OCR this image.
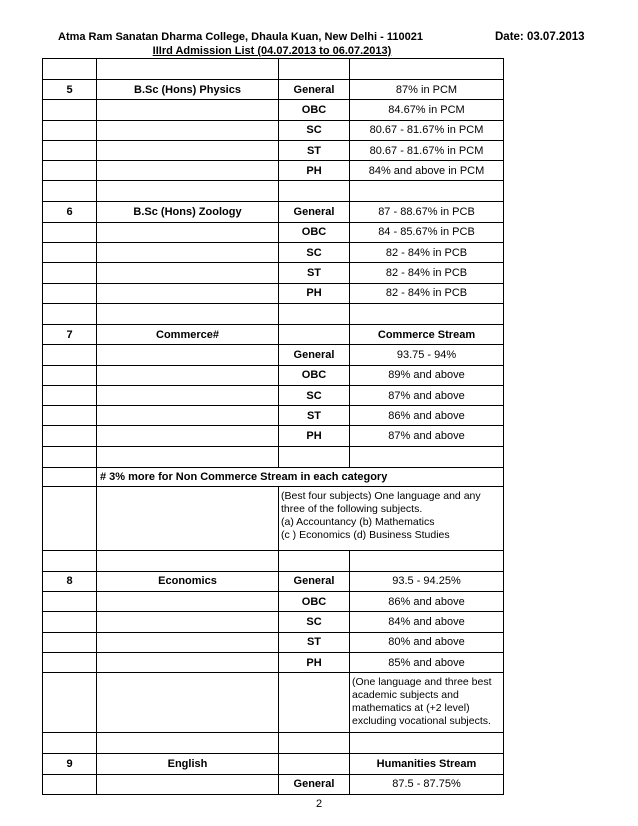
Atma Ram Sanatan Dharma College, Dhaula Kuan, New Delhi - 110021	Date: 03.07.2013
IIIrd Admission List (04.07.2013 to 06.07.2013)

5	B.Sc (Hons) Physics	General	87% in PCM
		OBC	84.67% in PCM
		SC	80.67 - 81.67% in PCM
		ST	80.67 - 81.67% in PCM
		PH	84% and above in PCM

6	B.Sc (Hons) Zoology	General	87 - 88.67% in PCB
		OBC	84 - 85.67% in PCB
		SC	82 - 84% in PCB
		ST	82 - 84% in PCB
		PH	82 - 84% in PCB

7	Commerce#		Commerce Stream
		General	93.75 - 94%
		OBC	89% and above
		SC	87% and above
		ST	86% and above
		PH	87% and above

	# 3% more for Non Commerce Stream in each category		

		(Best four subjects) One language and any
three of the following subjects.
(a) Accountancy (b) Mathematics
(c ) Economics (d) Business Studies	

8	Economics	General	93.5 - 94.25%
		OBC	86% and above
		SC	84% and above
		ST	80% and above
		PH	85% and above

			(One language and three best
academic subjects and
mathematics at (+2 level)
excluding vocational subjects.

9	English		Humanities Stream
		General	87.5 - 87.75%
2
